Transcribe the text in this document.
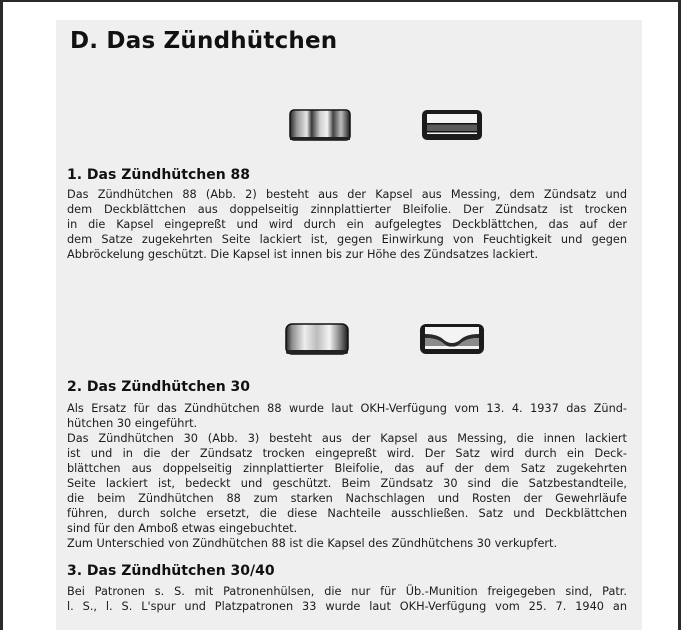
D. Das Zündhütchen
1. Das Zündhütchen 88

Das Zündhütchen 88 (Abb. 2) besteht aus der Kapsel aus Messing, dem Zündsatz und
dem Deckblättchen aus doppelseitig zinnplattierter Bleifolie. Der Zündsatz ist trocken
in die Kapsel eingepreßt und wird durch ein aufgelegtes Deckblättchen, das auf der
dem Satze zugekehrten Seite lackiert ist, gegen Einwirkung von Feuchtigkeit und gegen
Abbröckelung geschützt. Die Kapsel ist innen bis zur Höhe des Zündsatzes lackiert.

2. Das Zündhütchen 30

Als Ersatz für das Zündhütchen 88 wurde laut OKH-Verfügung vom 13. 4. 1937 das Zünd-
hütchen 30 eingeführt.
Das Zündhütchen 30 (Abb. 3) besteht aus der Kapsel aus Messing, die innen lackiert
ist und in die der Zündsatz trocken eingepreßt wird. Der Satz wird durch ein Deck-
blättchen aus doppelseitig zinnplattierter Bleifolie, das auf der dem Satz zugekehrten
Seite lackiert ist, bedeckt und geschützt. Beim Zündsatz 30 sind die Satzbestandteile,
die beim Zündhütchen 88 zum starken Nachschlagen und Rosten der Gewehrläufe
führen, durch solche ersetzt, die diese Nachteile ausschließen. Satz und Deckblättchen
sind für den Amboß etwas eingebuchtet.
Zum Unterschied von Zündhütchen 88 ist die Kapsel des Zündhütchens 30 verkupfert.

3. Das Zündhütchen 30/40

Bei Patronen s. S. mit Patronenhülsen, die nur für Üb.-Munition freigegeben sind, Patr.
l. S., l. S. L'spur und Platzpatronen 33 wurde laut OKH-Verfügung vom 25. 7. 1940 an
